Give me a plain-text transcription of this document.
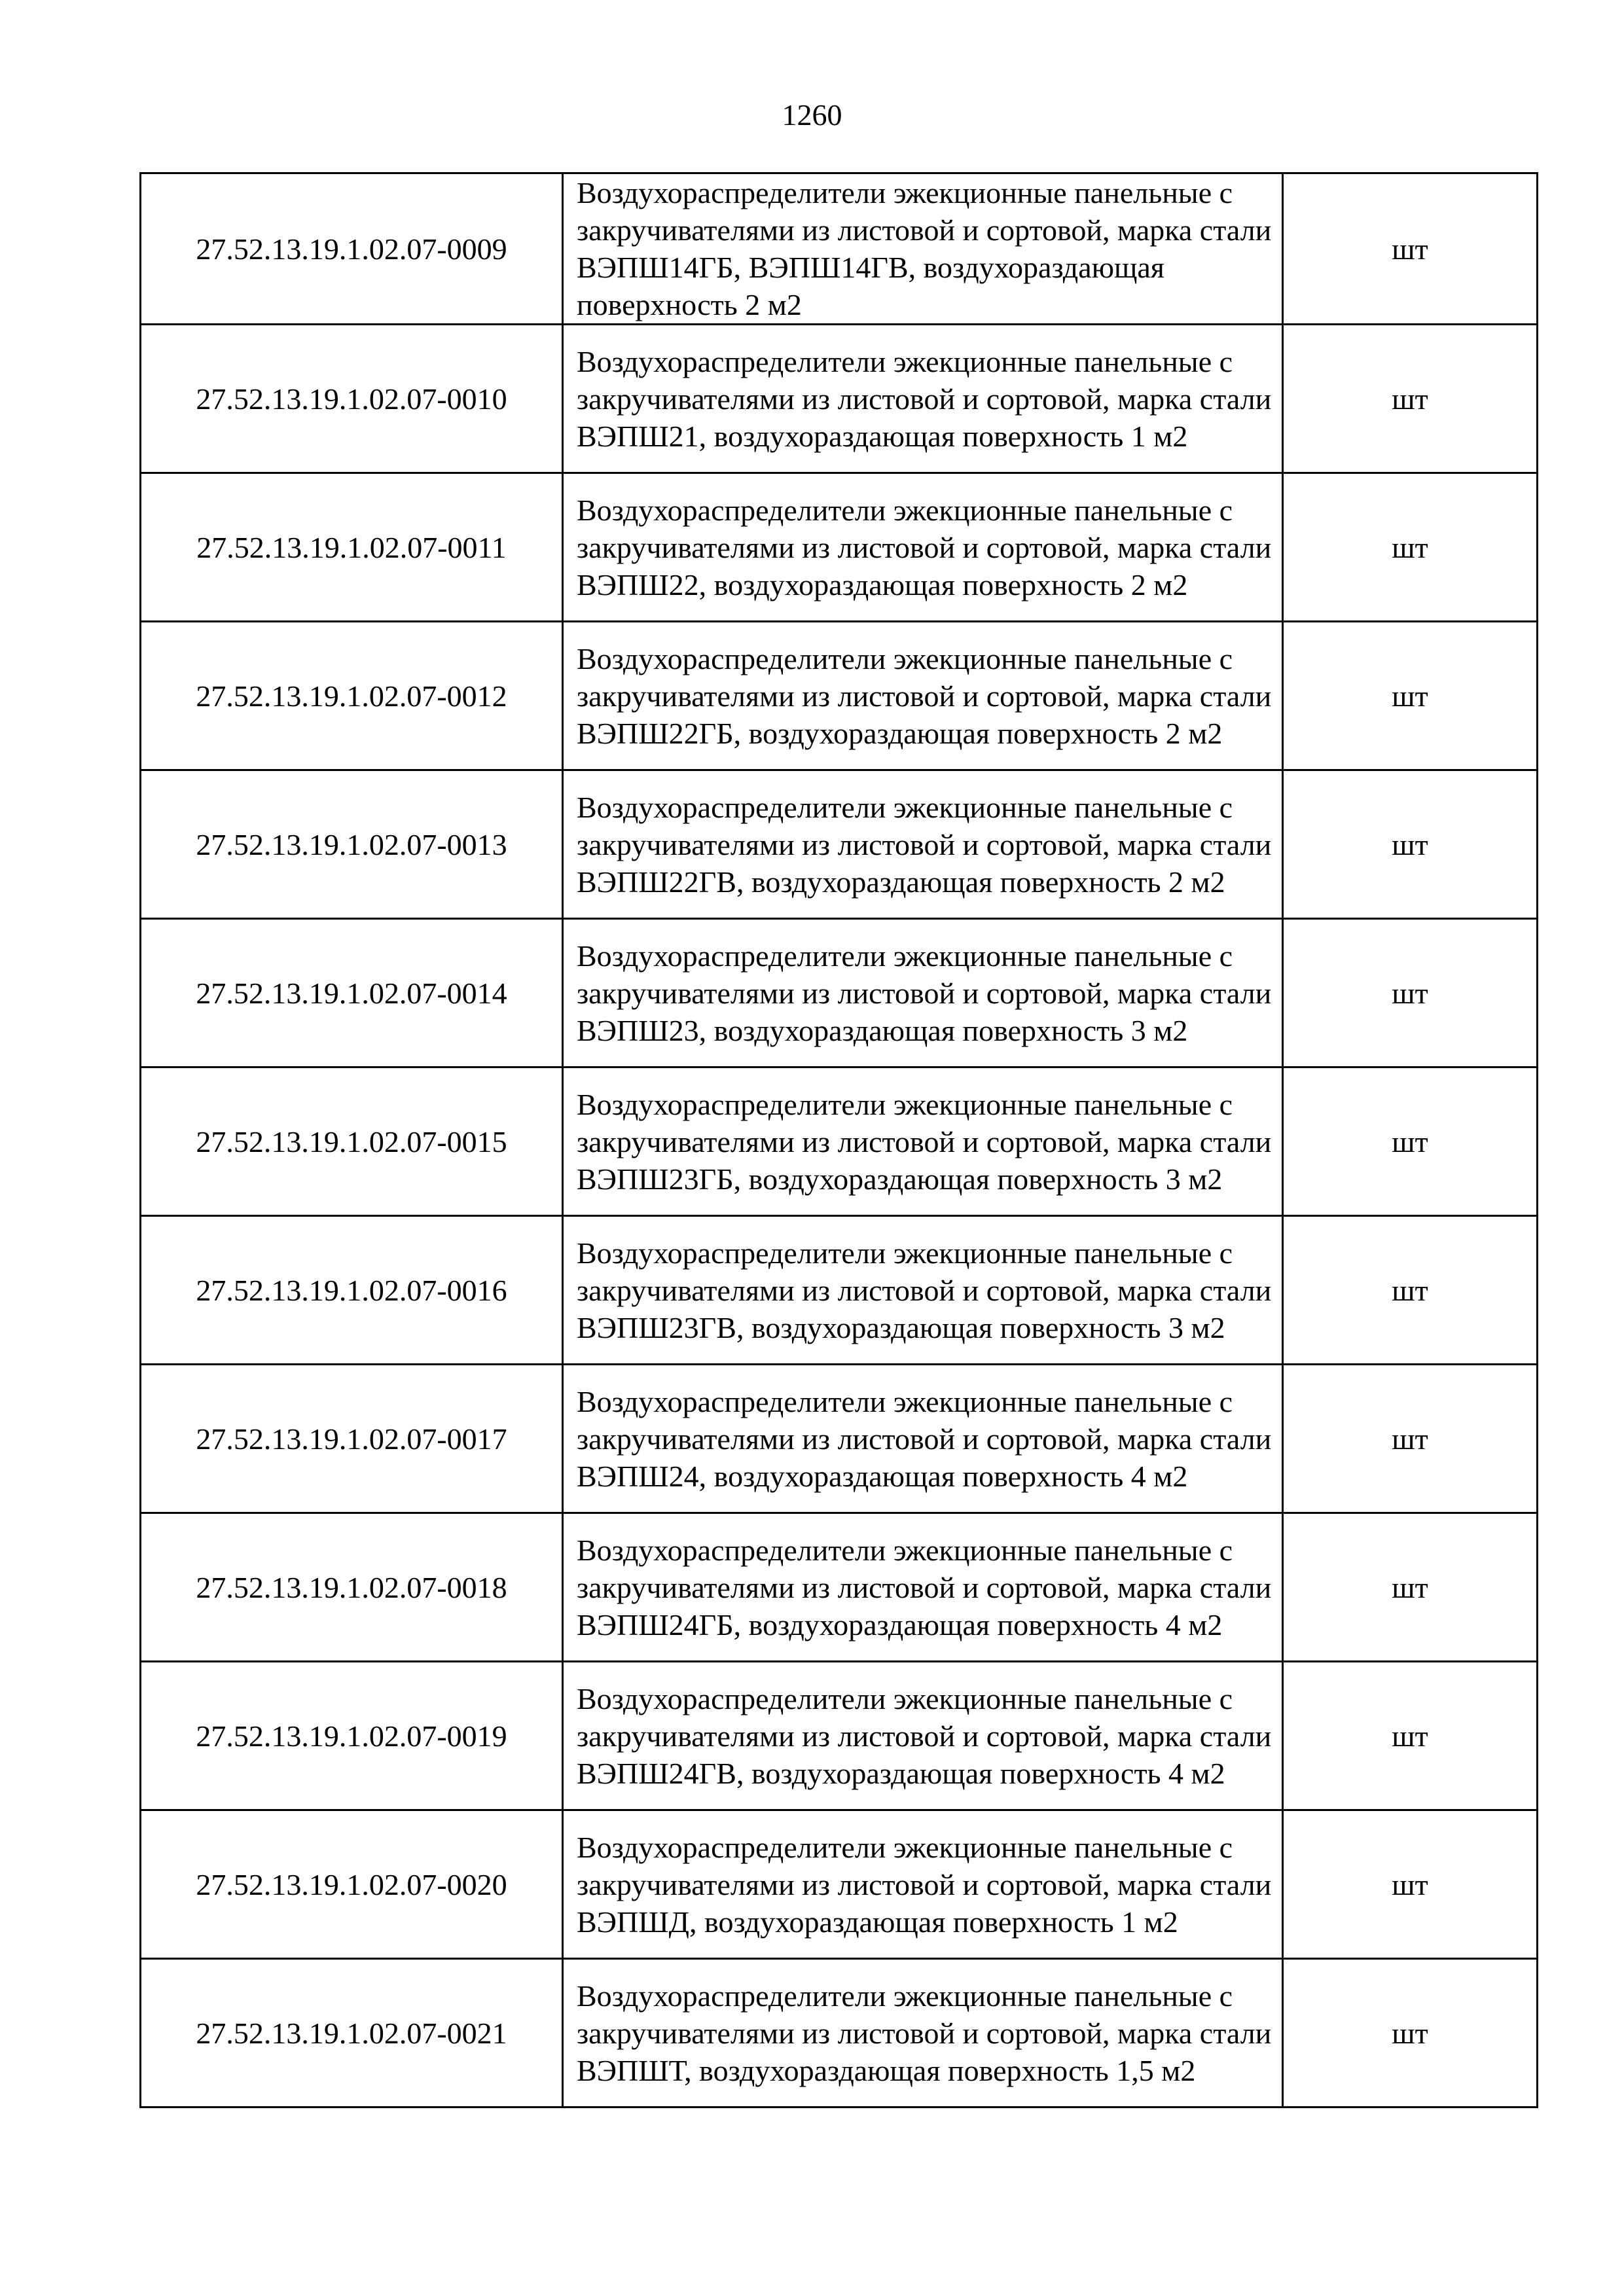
1260
27.52.13.19.1.02.07-0009	Воздухораспределители эжекционные панельные с закручивателями из листовой и сортовой, марка стали ВЭПШ14ГБ, ВЭПШ14ГВ, воздухораздающая поверхность 2 м2	шт
27.52.13.19.1.02.07-0010	Воздухораспределители эжекционные панельные с закручивателями из листовой и сортовой, марка стали ВЭПШ21, воздухораздающая поверхность 1 м2	шт
27.52.13.19.1.02.07-0011	Воздухораспределители эжекционные панельные с закручивателями из листовой и сортовой, марка стали ВЭПШ22, воздухораздающая поверхность 2 м2	шт
27.52.13.19.1.02.07-0012	Воздухораспределители эжекционные панельные с закручивателями из листовой и сортовой, марка стали ВЭПШ22ГБ, воздухораздающая поверхность 2 м2	шт
27.52.13.19.1.02.07-0013	Воздухораспределители эжекционные панельные с закручивателями из листовой и сортовой, марка стали ВЭПШ22ГВ, воздухораздающая поверхность 2 м2	шт
27.52.13.19.1.02.07-0014	Воздухораспределители эжекционные панельные с закручивателями из листовой и сортовой, марка стали ВЭПШ23, воздухораздающая поверхность 3 м2	шт
27.52.13.19.1.02.07-0015	Воздухораспределители эжекционные панельные с закручивателями из листовой и сортовой, марка стали ВЭПШ23ГБ, воздухораздающая поверхность 3 м2	шт
27.52.13.19.1.02.07-0016	Воздухораспределители эжекционные панельные с закручивателями из листовой и сортовой, марка стали ВЭПШ23ГВ, воздухораздающая поверхность 3 м2	шт
27.52.13.19.1.02.07-0017	Воздухораспределители эжекционные панельные с закручивателями из листовой и сортовой, марка стали ВЭПШ24, воздухораздающая поверхность 4 м2	шт
27.52.13.19.1.02.07-0018	Воздухораспределители эжекционные панельные с закручивателями из листовой и сортовой, марка стали ВЭПШ24ГБ, воздухораздающая поверхность 4 м2	шт
27.52.13.19.1.02.07-0019	Воздухораспределители эжекционные панельные с закручивателями из листовой и сортовой, марка стали ВЭПШ24ГВ, воздухораздающая поверхность 4 м2	шт
27.52.13.19.1.02.07-0020	Воздухораспределители эжекционные панельные с закручивателями из листовой и сортовой, марка стали ВЭПШД, воздухораздающая поверхность 1 м2	шт
27.52.13.19.1.02.07-0021	Воздухораспределители эжекционные панельные с закручивателями из листовой и сортовой, марка стали ВЭПШТ, воздухораздающая поверхность 1,5 м2	шт
